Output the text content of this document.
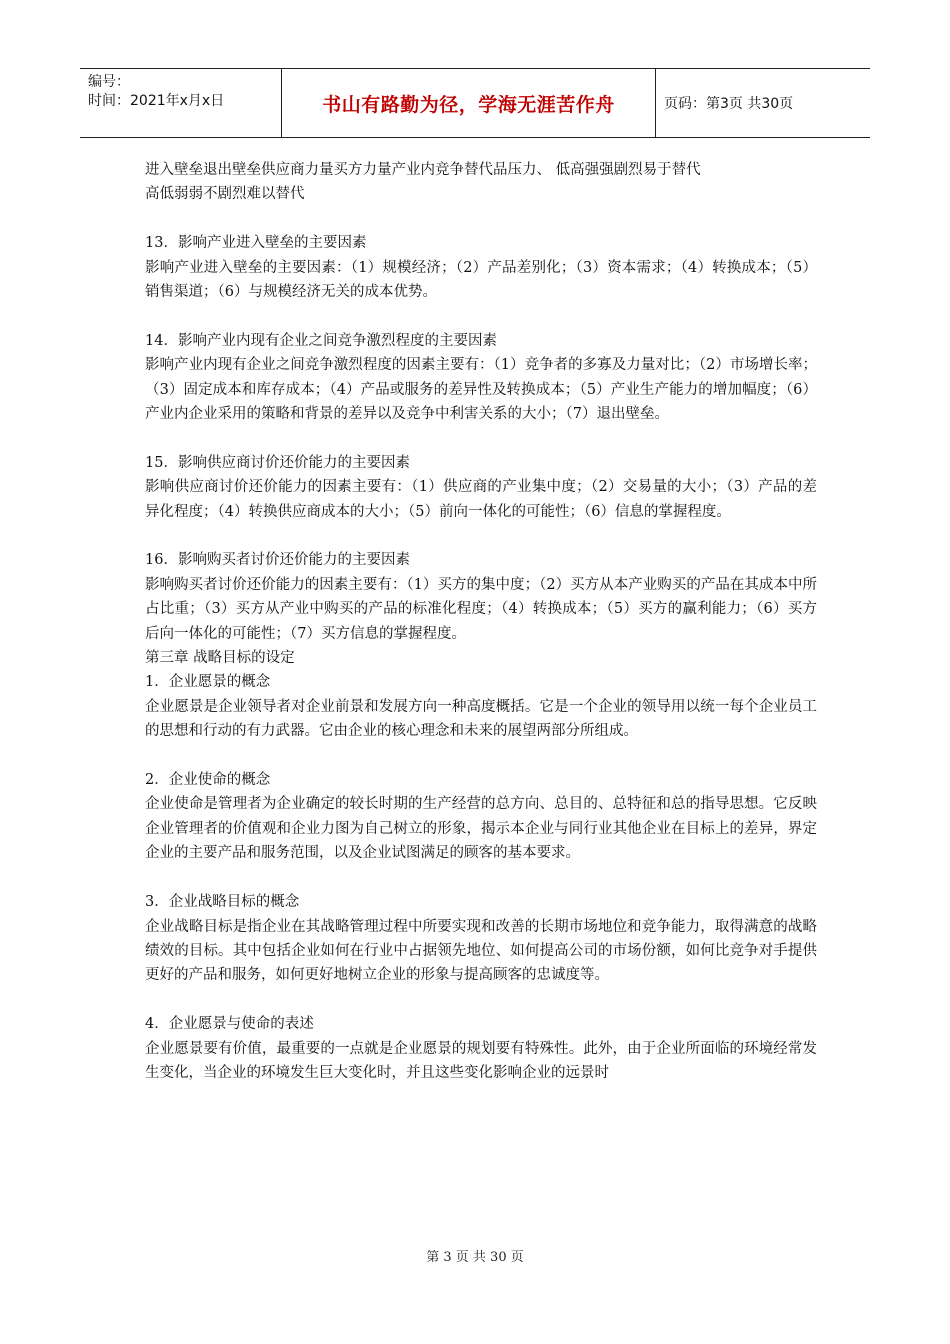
编号：
时间：2021年x月x日	书山有路勤为径，学海无涯苦作舟	页码：第3页 共30页

进入壁垒退出壁垒供应商力量买方力量产业内竞争替代品压力、 低高强强剧烈易于替代

高低弱弱不剧烈难以替代

13．影响产业进入壁垒的主要因素

影响产业进入壁垒的主要因素：（1）规模经济；（2）产品差别化；（3）资本需求；（4）转换成本；（5）销售渠道；（6）与规模经济无关的成本优势。

14．影响产业内现有企业之间竞争激烈程度的主要因素

影响产业内现有企业之间竞争激烈程度的因素主要有：（1）竞争者的多寡及力量对比；（2）市场增长率；（3）固定成本和库存成本；（4）产品或服务的差异性及转换成本；（5）产业生产能力的增加幅度；（6）产业内企业采用的策略和背景的差异以及竞争中利害关系的大小；（7）退出壁垒。

15．影响供应商讨价还价能力的主要因素

影响供应商讨价还价能力的因素主要有：（1）供应商的产业集中度；（2）交易量的大小；（3）产品的差异化程度；（4）转换供应商成本的大小；（5）前向一体化的可能性；（6）信息的掌握程度。

16．影响购买者讨价还价能力的主要因素

影响购买者讨价还价能力的因素主要有：（1）买方的集中度；（2）买方从本产业购买的产品在其成本中所占比重；（3）买方从产业中购买的产品的标准化程度；（4）转换成本；（5）买方的赢利能力；（6）买方后向一体化的可能性；（7）买方信息的掌握程度。

第三章 战略目标的设定

1．企业愿景的概念

企业愿景是企业领导者对企业前景和发展方向一种高度概括。它是一个企业的领导用以统一每个企业员工的思想和行动的有力武器。它由企业的核心理念和未来的展望两部分所组成。

2．企业使命的概念

企业使命是管理者为企业确定的较长时期的生产经营的总方向、总目的、总特征和总的指导思想。它反映企业管理者的价值观和企业力图为自己树立的形象，揭示本企业与同行业其他企业在目标上的差异，界定企业的主要产品和服务范围，以及企业试图满足的顾客的基本要求。

3．企业战略目标的概念

企业战略目标是指企业在其战略管理过程中所要实现和改善的长期市场地位和竞争能力，取得满意的战略绩效的目标。其中包括企业如何在行业中占据领先地位、如何提高公司的市场份额，如何比竞争对手提供更好的产品和服务，如何更好地树立企业的形象与提高顾客的忠诚度等。

4．企业愿景与使命的表述

企业愿景要有价值，最重要的一点就是企业愿景的规划要有特殊性。此外，由于企业所面临的环境经常发生变化，当企业的环境发生巨大变化时，并且这些变化影响企业的远景时

第 3 页 共 30 页
